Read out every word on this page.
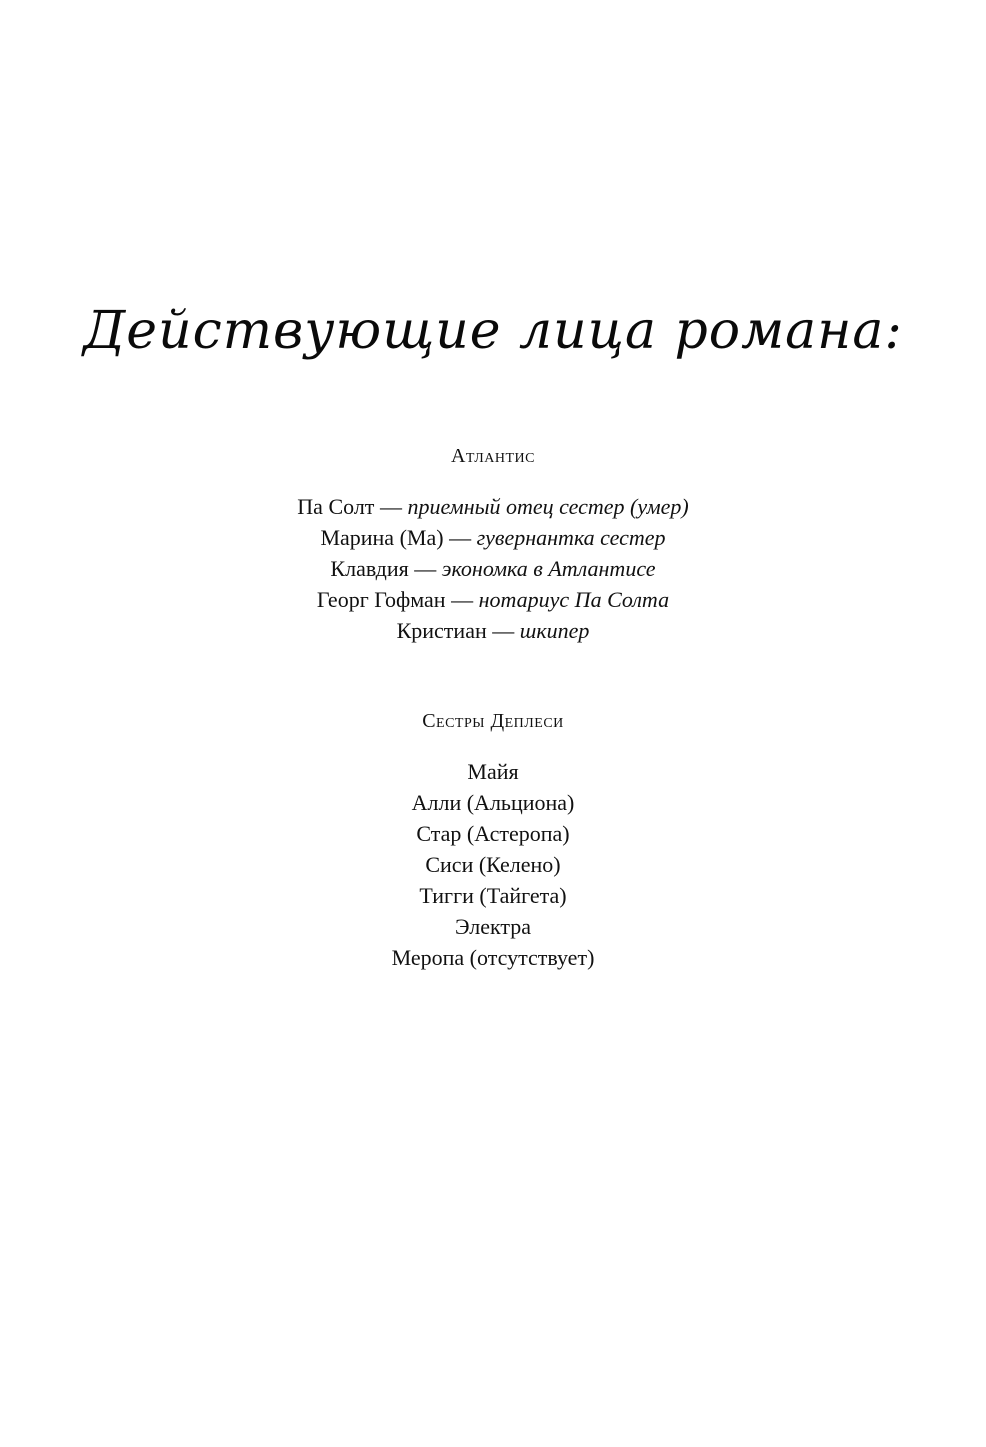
Действующие лица романа:
Атлантис
Па Солт — приемный отец сестер (умер)
Марина (Ма) — гувернантка сестер
Клавдия — экономка в Атлантисе
Георг Гофман — нотариус Па Солта
Кристиан — шкипер
Сестры Деплеси
Майя
Алли (Альциона)
Стар (Астеропа)
Сиси (Келено)
Тигги (Тайгета)
Электра
Меропа (отсутствует)
